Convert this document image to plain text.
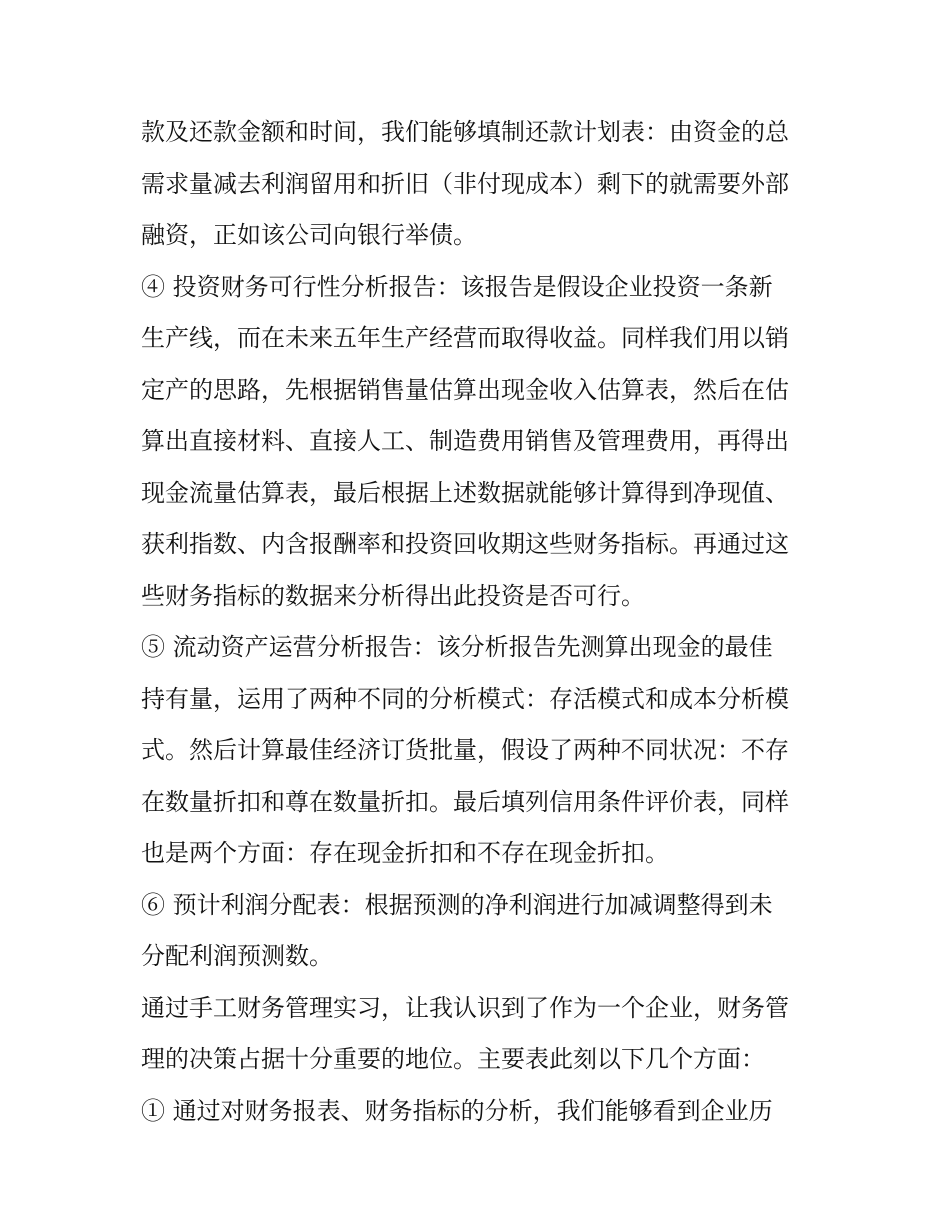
款及还款金额和时间，我们能够填制还款计划表：由资金的总
需求量减去利润留用和折旧（非付现成本）剩下的就需要外部
融资，正如该公司向银行举债。
④ 投资财务可行性分析报告：该报告是假设企业投资一条新
生产线，而在未来五年生产经营而取得收益。同样我们用以销
定产的思路，先根据销售量估算出现金收入估算表，然后在估
算出直接材料、直接人工、制造费用销售及管理费用，再得出
现金流量估算表，最后根据上述数据就能够计算得到净现值、
获利指数、内含报酬率和投资回收期这些财务指标。再通过这
些财务指标的数据来分析得出此投资是否可行。
⑤ 流动资产运营分析报告：该分析报告先测算出现金的最佳
持有量，运用了两种不同的分析模式：存活模式和成本分析模
式。然后计算最佳经济订货批量，假设了两种不同状况：不存
在数量折扣和尊在数量折扣。最后填列信用条件评价表，同样
也是两个方面：存在现金折扣和不存在现金折扣。
⑥ 预计利润分配表：根据预测的净利润进行加减调整得到未
分配利润预测数。
通过手工财务管理实习，让我认识到了作为一个企业，财务管
理的决策占据十分重要的地位。主要表此刻以下几个方面：
① 通过对财务报表、财务指标的分析，我们能够看到企业历
